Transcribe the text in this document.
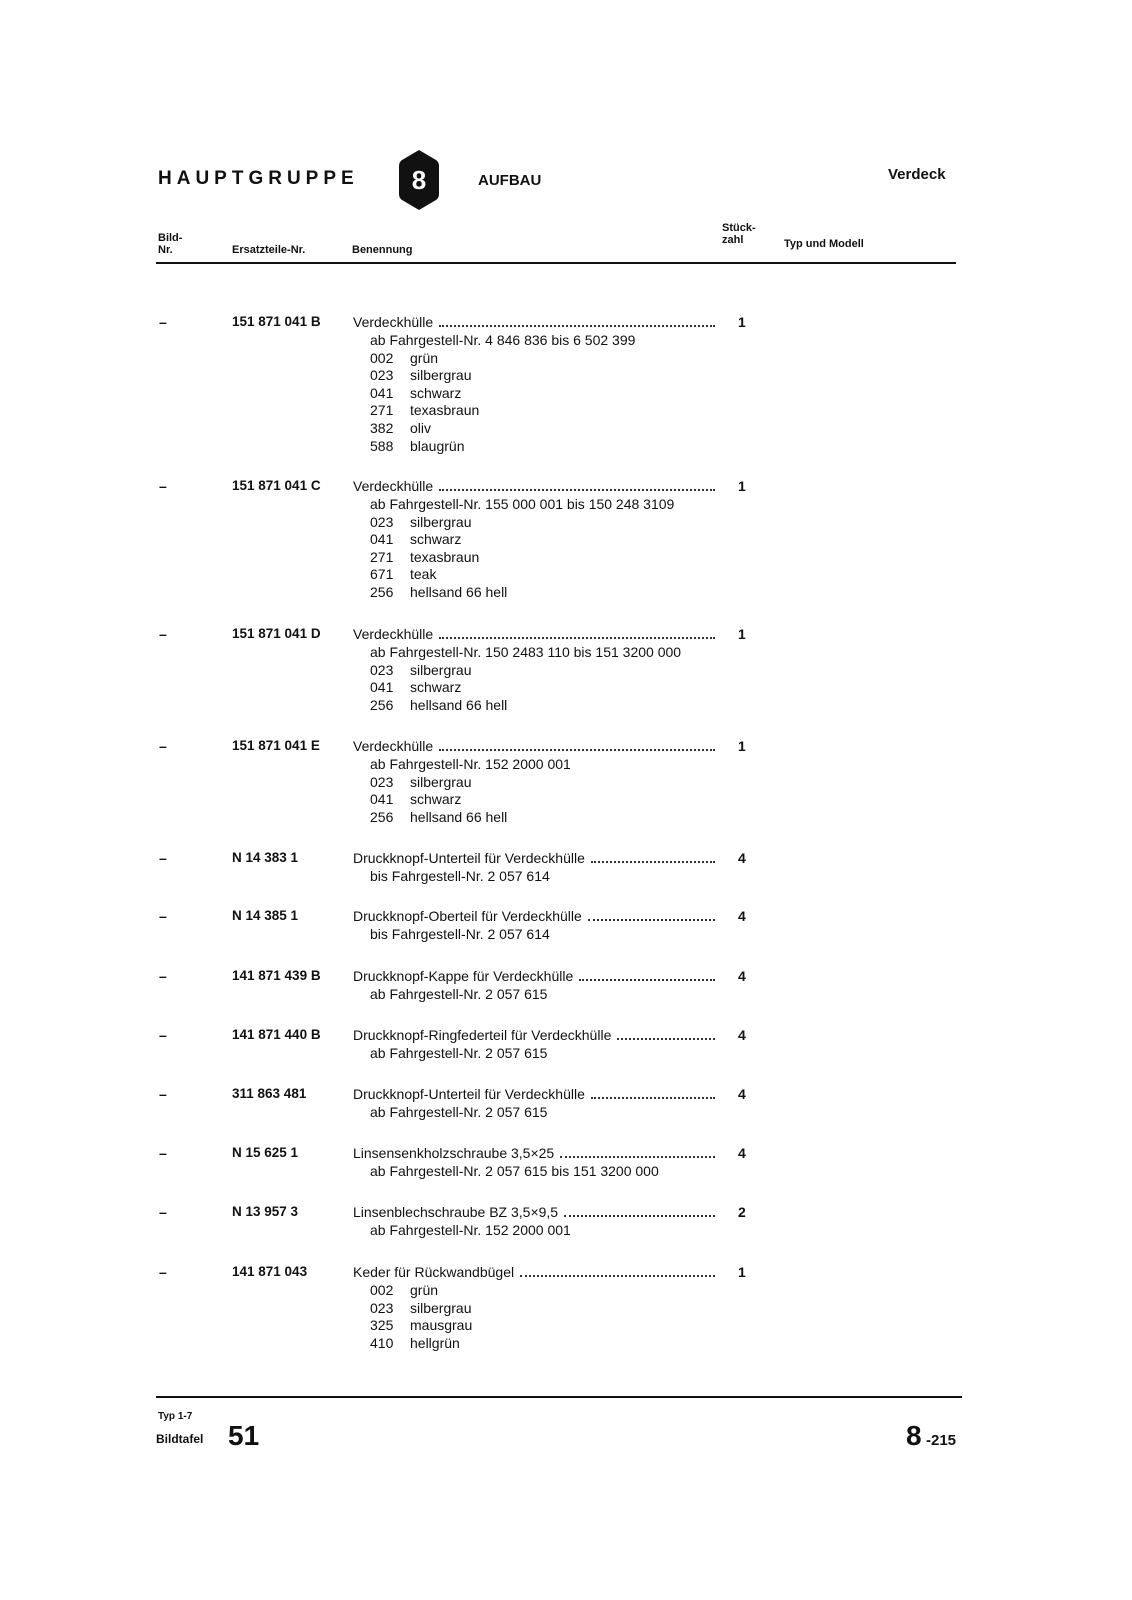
HAUPTGRUPPE 8	AUFBAU	Verdeck
Bild-
Nr.	Ersatzteile-Nr.	Benennung
Stück-
zahl	Typ und Modell
–	151 871 041 B Verdeckhülle	1
ab Fahrgestell-Nr. 4 846 836 bis 6 502 399
002	grün
023	silbergrau
041	schwarz
271	texasbraun
382	oliv
588	blaugrün
–	151 871 041 C Verdeckhülle	1
ab Fahrgestell-Nr. 155 000 001 bis 150 248 3109
023	silbergrau
041	schwarz
271	texasbraun
671	teak
256	hellsand 66 hell
–	151 871 041 D Verdeckhülle	1
ab Fahrgestell-Nr. 150 2483 110 bis 151 3200 000
023	silbergrau
041	schwarz
256	hellsand 66 hell
–	151 871 041 E Verdeckhülle	1
ab Fahrgestell-Nr. 152 2000 001
023	silbergrau
041	schwarz
256	hellsand 66 hell
–	N 14 383 1	Druckknopf-Unterteil für Verdeckhülle	4
bis Fahrgestell-Nr. 2 057 614
–	N 14 385 1	Druckknopf-Oberteil für Verdeckhülle	4
bis Fahrgestell-Nr. 2 057 614
–	141 871 439 B Druckknopf-Kappe für Verdeckhülle	4
ab Fahrgestell-Nr. 2 057 615
–	141 871 440 B Druckknopf-Ringfederteil für Verdeckhülle	4
ab Fahrgestell-Nr. 2 057 615
–	311 863 481	Druckknopf-Unterteil für Verdeckhülle	4
ab Fahrgestell-Nr. 2 057 615
–	N 15 625 1	Linsensenkholzschraube 3,5×25	4
ab Fahrgestell-Nr. 2 057 615 bis 151 3200 000
–	N 13 957 3	Linsenblechschraube BZ 3,5×9,5	2
ab Fahrgestell-Nr. 152 2000 001
–	141 871 043	Keder für Rückwandbügel	1
002	grün
023	silbergrau
325	mausgrau
410	hellgrün
Typ 1-7
Bildtafel 51	8 -215
